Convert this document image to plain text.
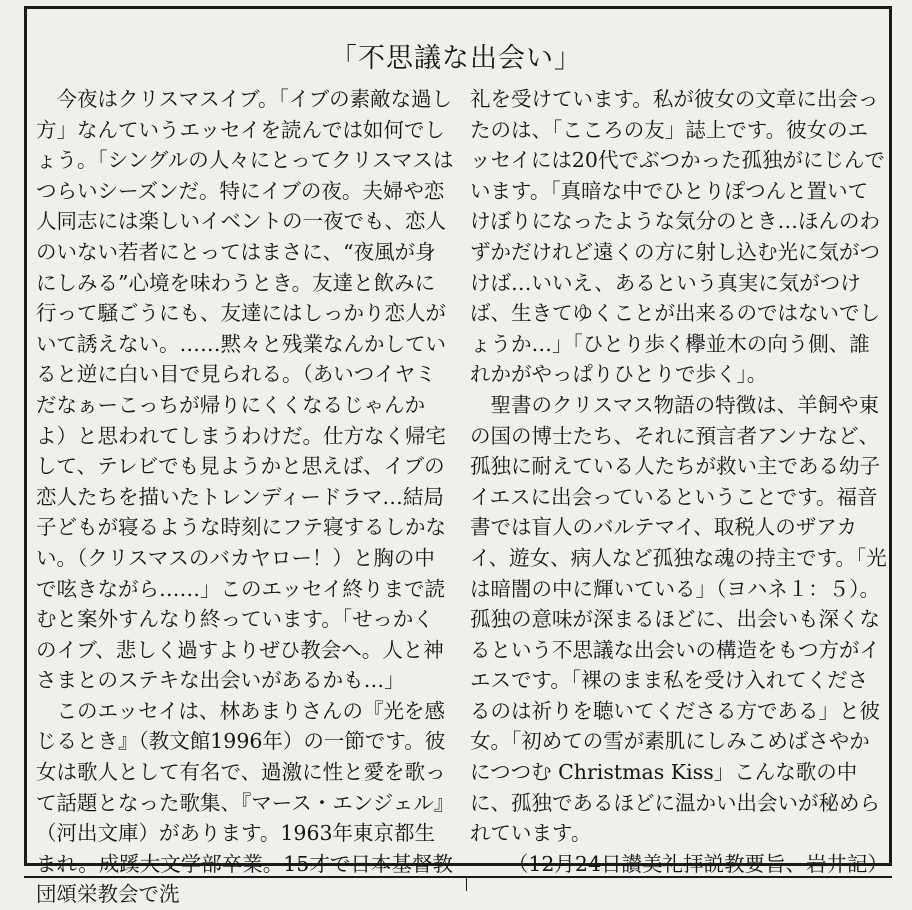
「不思議な出会い」

今夜はクリスマスイブ。「イブの素敵な過し方」なんていうエッセイを読んでは如何でしょう。「シングルの人々にとってクリスマスはつらいシーズンだ。特にイブの夜。夫婦や恋人同志には楽しいイベントの一夜でも、恋人のいない若者にとってはまさに、“夜風が身にしみる”心境を味わうとき。友達と飲みに行って騒ごうにも、友達にはしっかり恋人がいて誘えない。……黙々と残業なんかしていると逆に白い目で見られる。（あいつイヤミだなぁーこっちが帰りにくくなるじゃんかよ）と思われてしまうわけだ。仕方なく帰宅して、テレビでも見ようかと思えば、イブの恋人たちを描いたトレンディードラマ…結局子どもが寝るような時刻にフテ寝するしかない。（クリスマスのバカヤロー！）と胸の中で呟きながら……」このエッセイ終りまで読むと案外すんなり終っています。「せっかくのイブ、悲しく過すよりぜひ教会へ。人と神さまとのステキな出会いがあるかも…」

このエッセイは、林あまりさんの『光を感じるとき』（教文館1996年）の一節です。彼女は歌人として有名で、過激に性と愛を歌って話題となった歌集、『マース・エンジェル』（河出文庫）があります。1963年東京都生まれ。成蹊大文学部卒業。15才で日本基督教団頌栄教会で洗

礼を受けています。私が彼女の文章に出会ったのは、「こころの友」誌上です。彼女のエッセイには20代でぶつかった孤独がにじんでいます。「真暗な中でひとりぽつんと置いてけぼりになったような気分のとき…ほんのわずかだけれど遠くの方に射し込む光に気がつけば…いいえ、あるという真実に気がつけば、生きてゆくことが出来るのではないでしょうか…」「ひとり歩く欅並木の向う側、誰れかがやっぱりひとりで歩く」。

聖書のクリスマス物語の特徴は、羊飼や東の国の博士たち、それに預言者アンナなど、孤独に耐えている人たちが救い主である幼子イエスに出会っているということです。福音書では盲人のバルテマイ、取税人のザアカイ、遊女、病人など孤独な魂の持主です。「光は暗闇の中に輝いている」（ヨハネ１：５）。孤独の意味が深まるほどに、出会いも深くなるという不思議な出会いの構造をもつ方がイエスです。「裸のまま私を受け入れてくださるのは祈りを聴いてくださる方である」と彼女。「初めての雪が素肌にしみこめばさやかにつつむ Christmas Kiss」こんな歌の中に、孤独であるほどに温かい出会いが秘められています。

（12月24日讃美礼拝説教要旨、岩井記）
